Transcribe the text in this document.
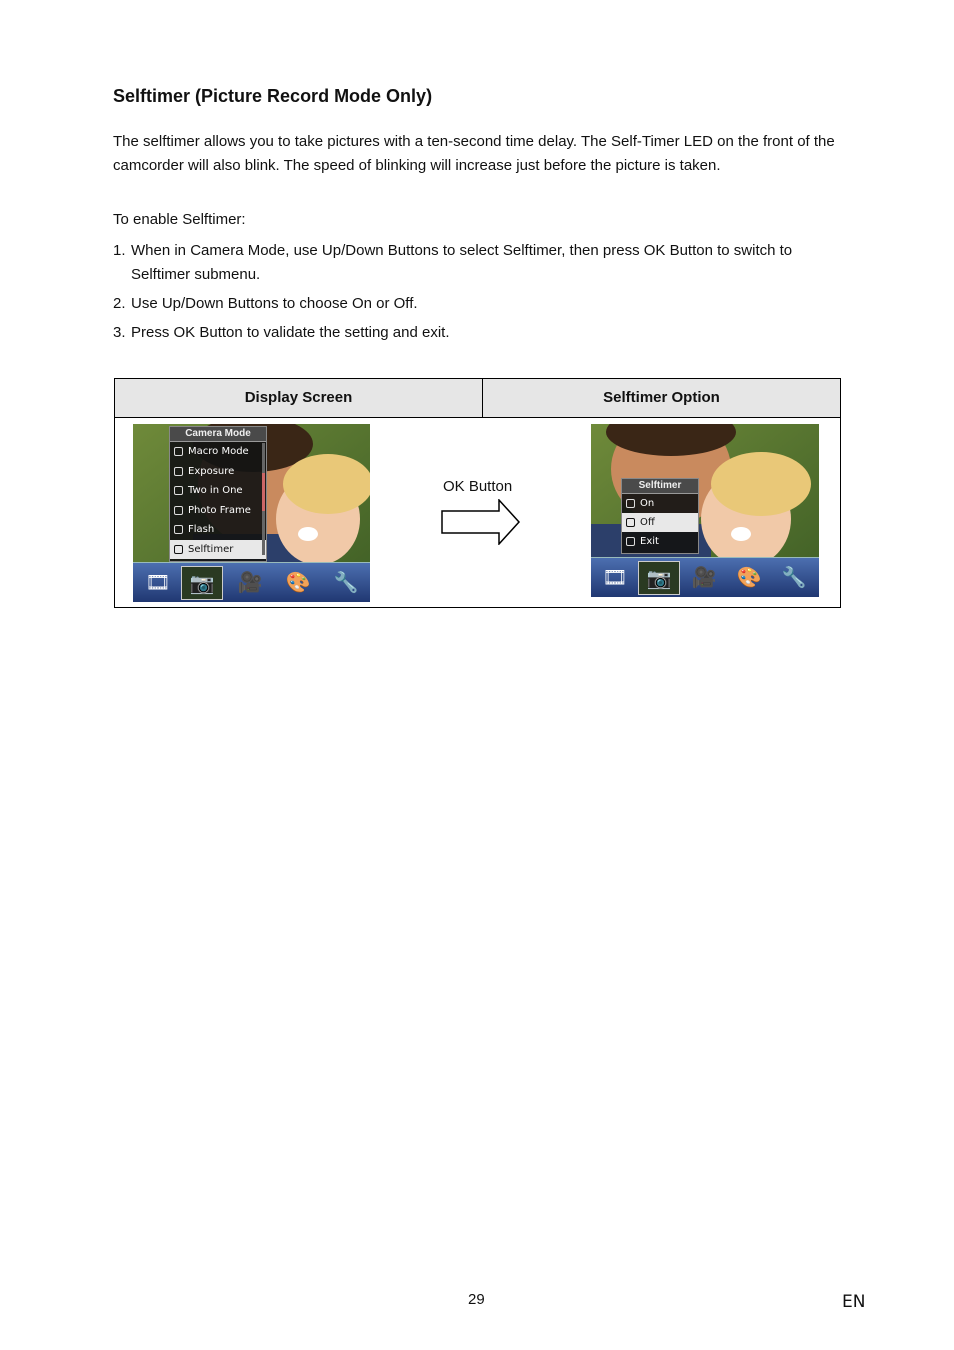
Selftimer (Picture Record Mode Only)
The selftimer allows you to take pictures with a ten-second time delay. The Self-Timer LED on the front of the camcorder will also blink. The speed of blinking will increase just before the picture is taken.
To enable Selftimer:
1. When in Camera Mode, use Up/Down Buttons to select Selftimer, then press OK Button to switch to Selftimer submenu.
2. Use Up/Down Buttons to choose On or Off.
3. Press OK Button to validate the setting and exit.
Display Screen	Selftimer Option
Camera Mode
Macro Mode
Exposure
Two in One
Photo Frame
Flash
Selftimer
🎞 📷	🎥	🎨	🔧
OK Button	Selftimer
On
Off
Exit
🎞 📷	🎥	🎨	🔧
29	EN
